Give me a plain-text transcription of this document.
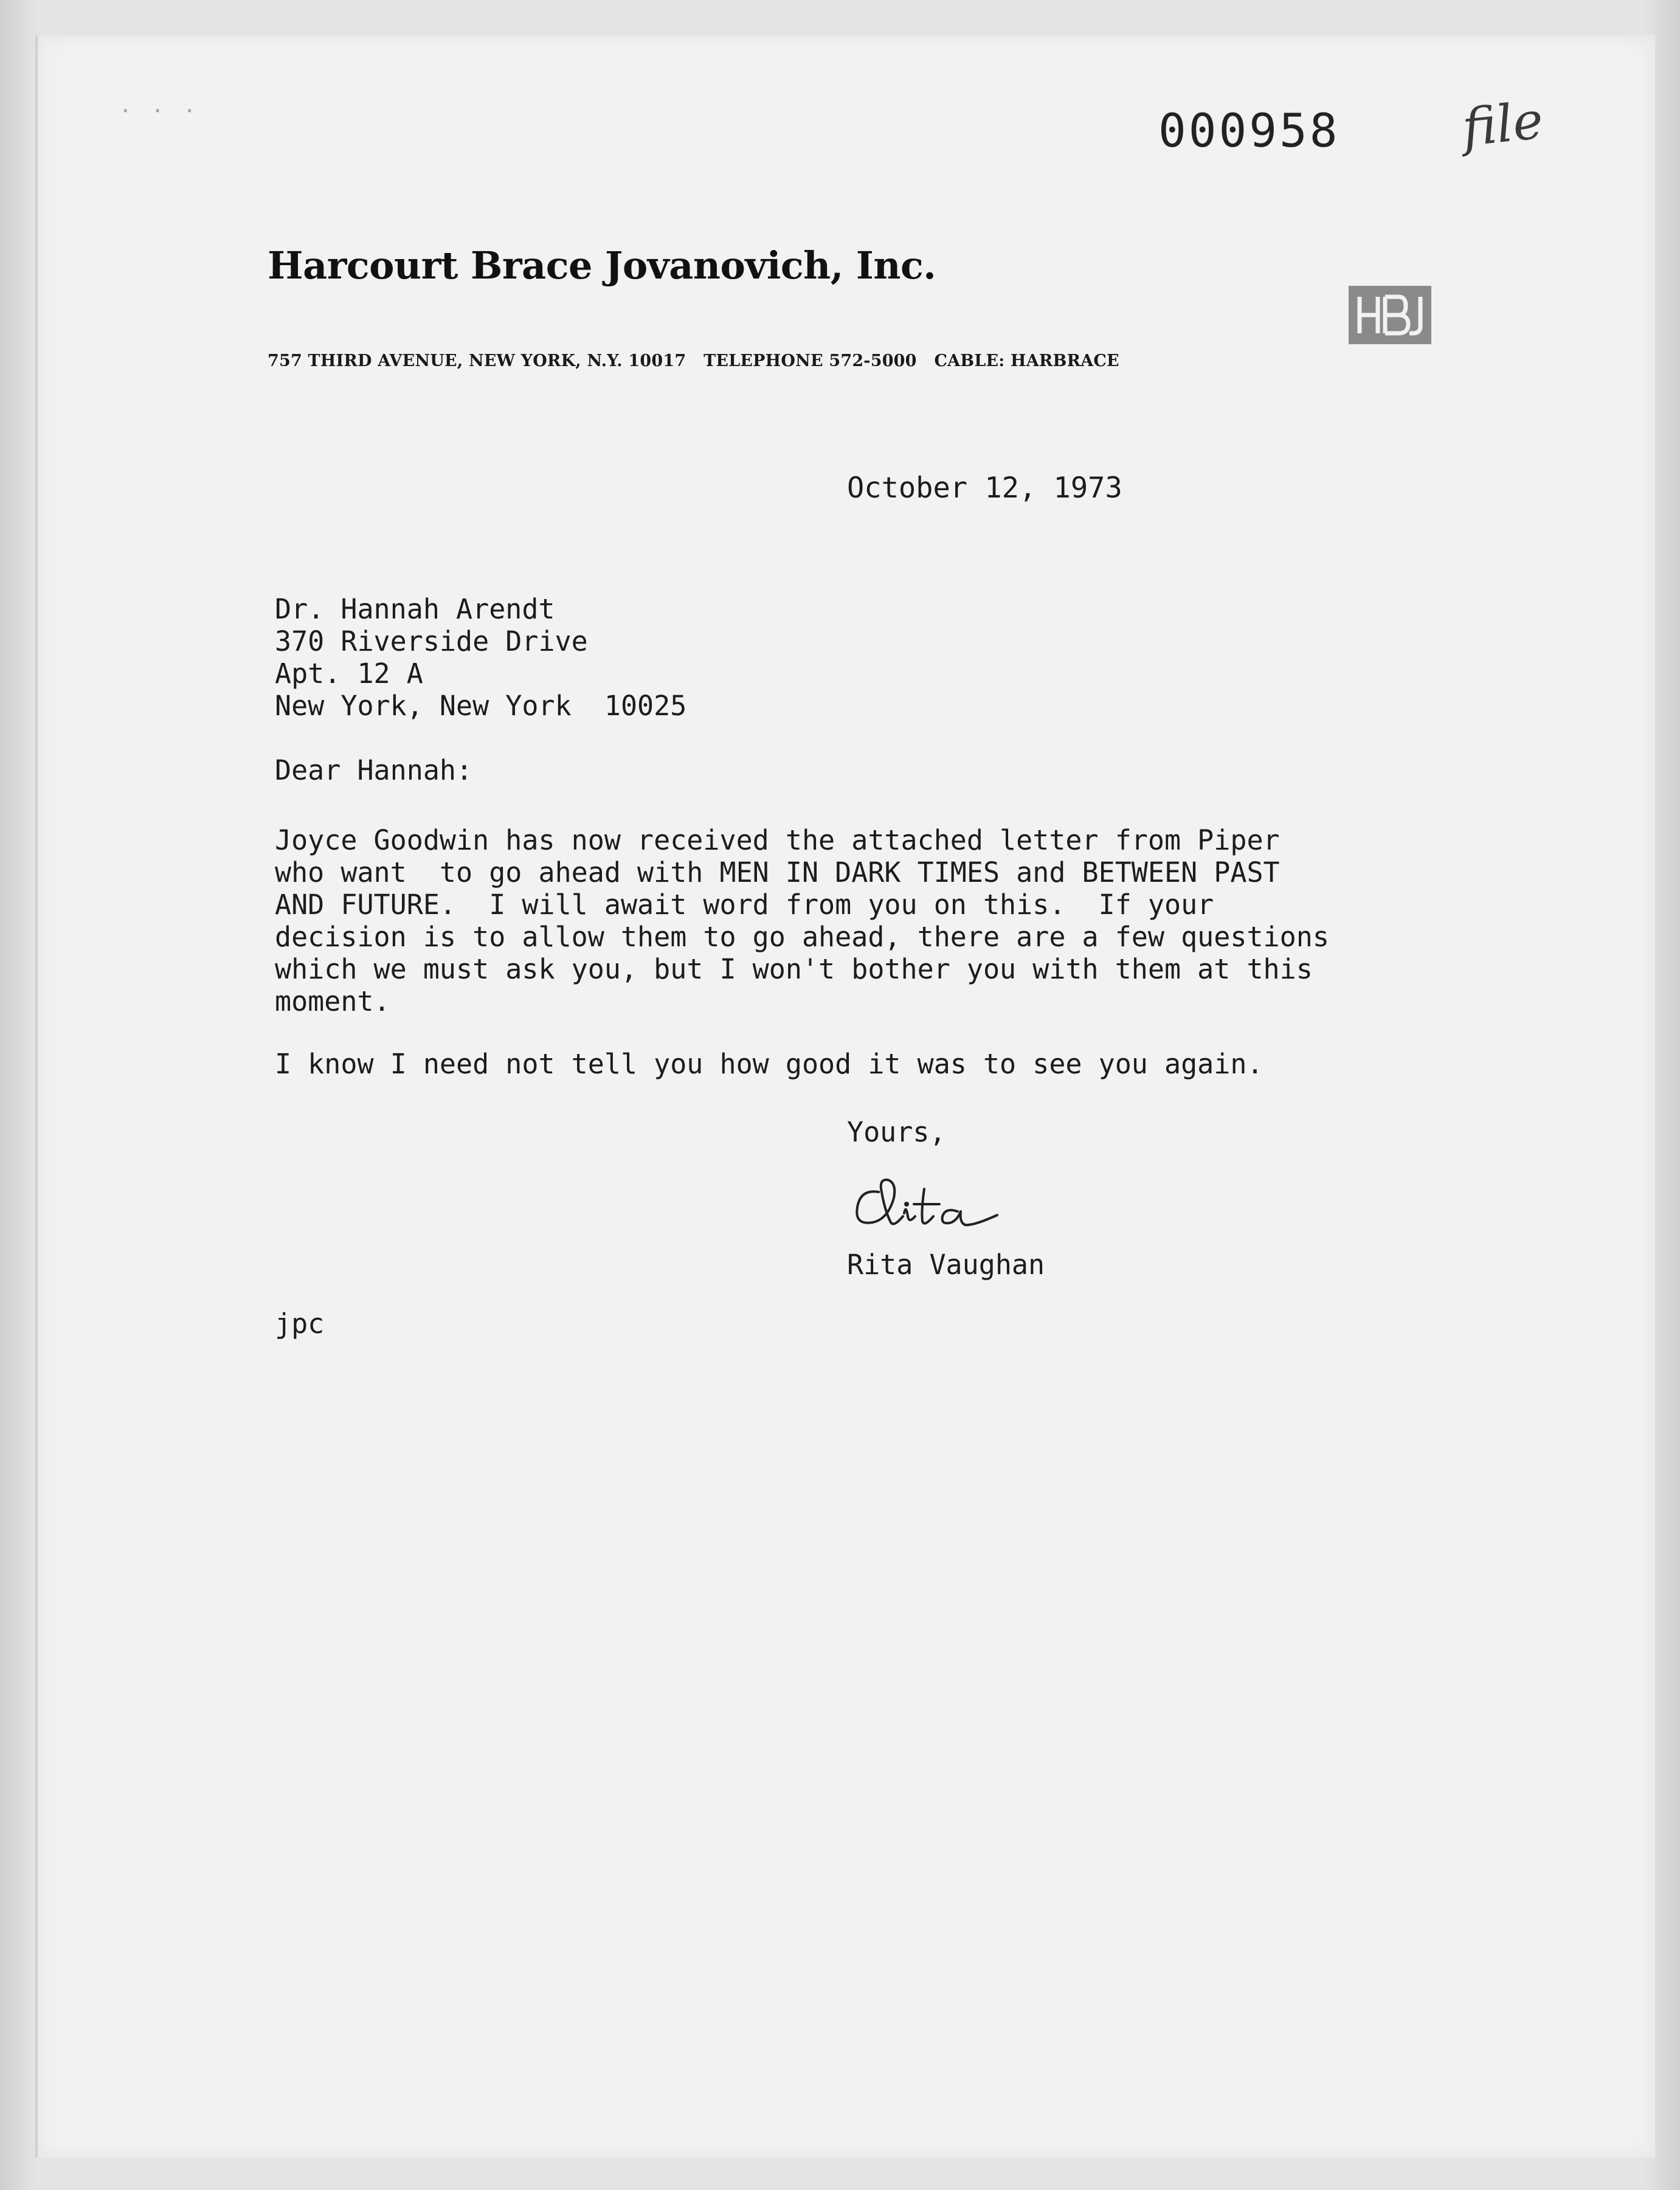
···	000958 file
Harcourt Brace Jovanovich, Inc.
757 THIRD AVENUE, NEW YORK, N.Y. 10017   TELEPHONE 572-5000   CABLE: HARBRACE
October 12, 1973
Dr. Hannah Arendt
370 Riverside Drive
Apt. 12 A
New York, New York  10025
Dear Hannah:
Joyce Goodwin has now received the attached letter from Piper
who want  to go ahead with MEN IN DARK TIMES and BETWEEN PAST
AND FUTURE.  I will await word from you on this.  If your
decision is to allow them to go ahead, there are a few questions
which we must ask you, but I won't bother you with them at this
moment.
I know I need not tell you how good it was to see you again.
Yours,
Rita Vaughan
jpc
